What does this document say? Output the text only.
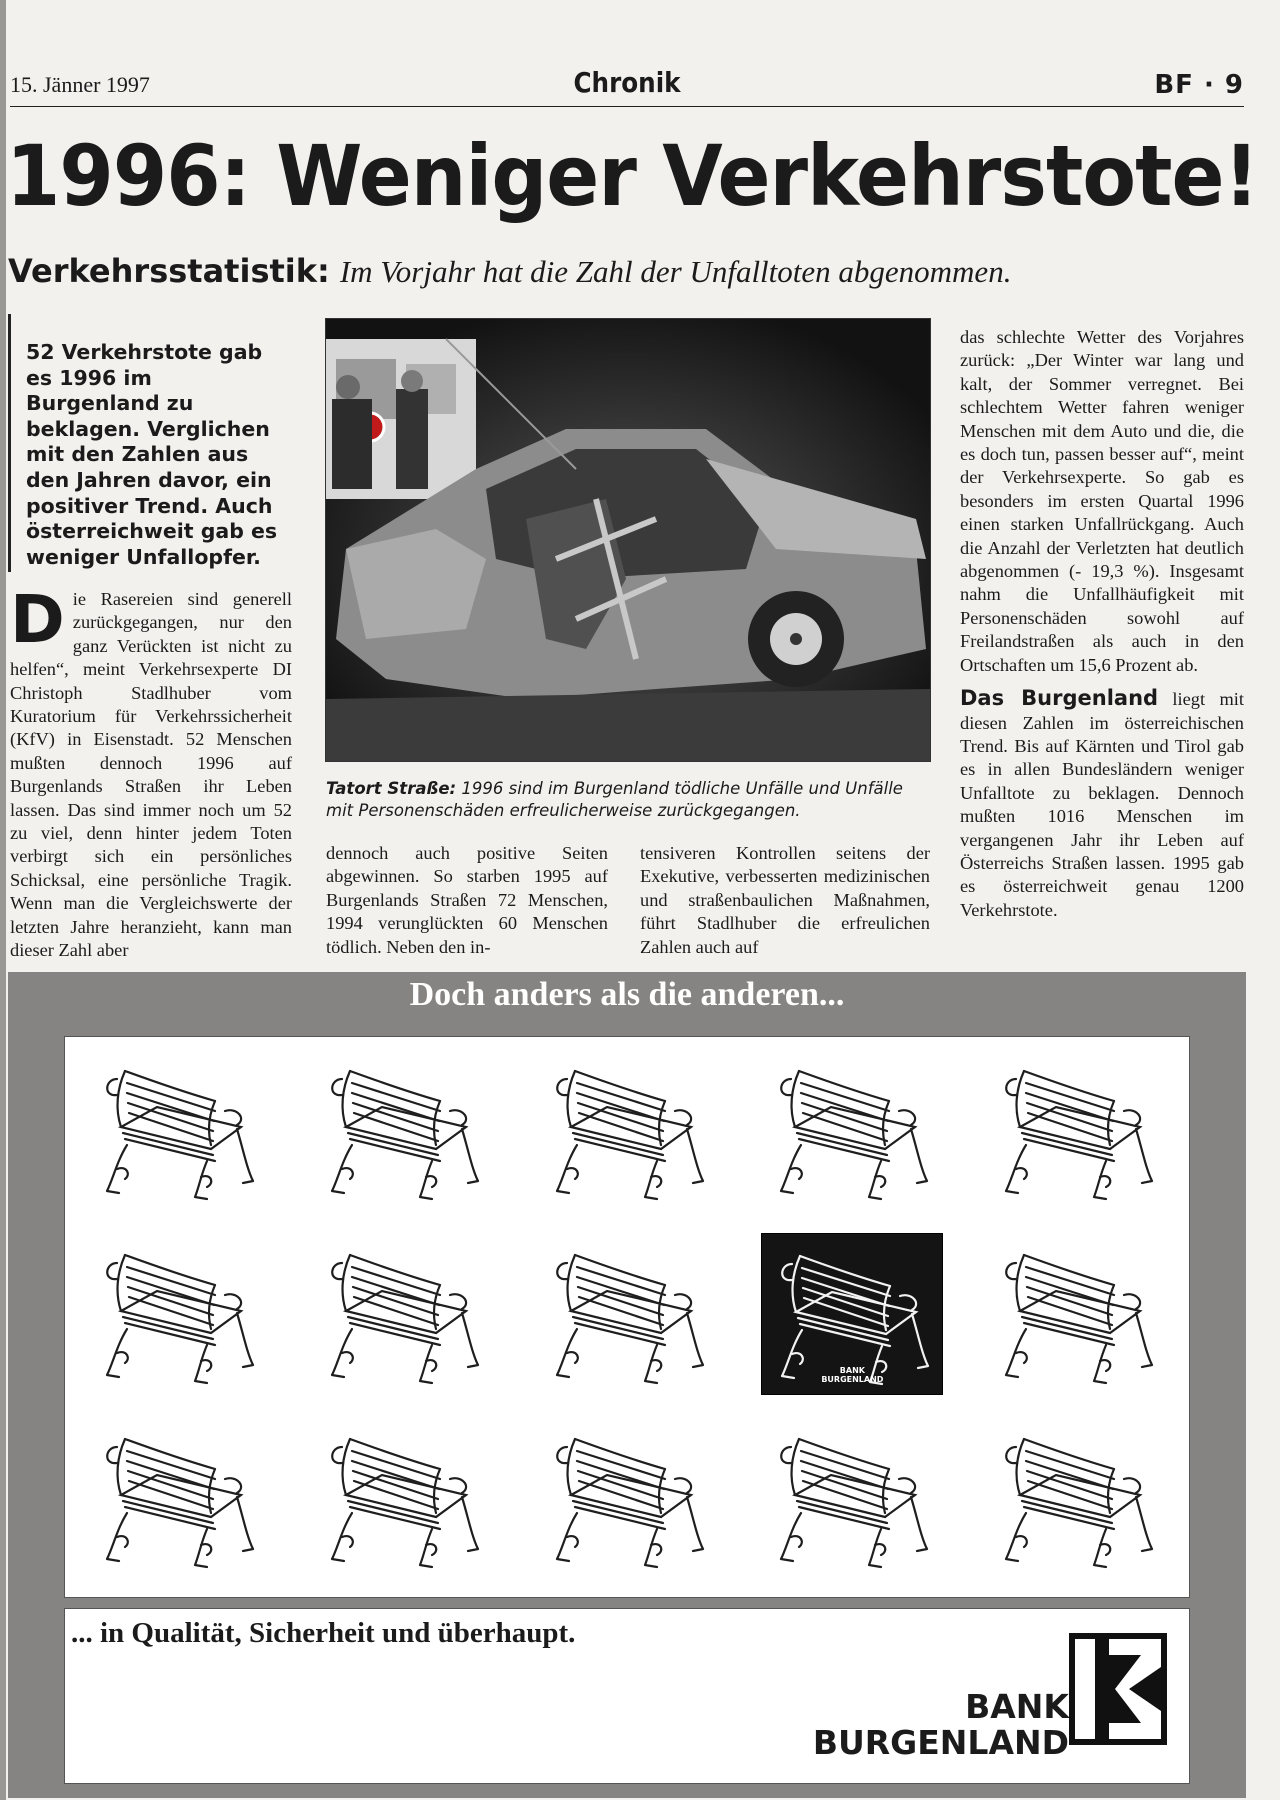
15. Jänner 1997	Chronik	BF · 9
1996: Weniger Verkehrstote!
Verkehrsstatistik: Im Vorjahr hat die Zahl der Unfalltoten abgenommen.

52 Verkehrstote gab es 1996 im Burgenland zu beklagen. Verglichen mit den Zahlen aus den Jahren davor, ein positiver Trend. Auch österreichweit gab es weniger Unfallopfer.

Die Rasereien sind generell zurückgegangen, nur den ganz Verückten ist nicht zu helfen“, meint Verkehrsexperte DI Christoph Stadlhuber vom Kuratorium für Verkehrssicherheit (KfV) in Eisenstadt. 52 Menschen mußten dennoch 1996 auf Burgenlands Straßen ihr Leben lassen. Das sind immer noch um 52 zu viel, denn hinter jedem Toten verbirgt sich ein persönliches Schicksal, eine persönliche Tragik. Wenn man die Vergleichswerte der letzten Jahre heranzieht, kann man dieser Zahl aber

Tatort Straße: 1996 sind im Burgenland tödliche Unfälle und Unfälle mit Personenschäden erfreulicherweise zurückgegangen.

dennoch auch positive Seiten abgewinnen. So starben 1995 auf Burgenlands Straßen 72 Menschen, 1994 verunglückten 60 Menschen tödlich. Neben den in-

tensiveren Kontrollen seitens der Exekutive, verbesserten medizinischen und straßenbaulichen Maßnahmen, führt Stadlhuber die erfreulichen Zahlen auch auf

das schlechte Wetter des Vorjahres zurück: „Der Winter war lang und kalt, der Sommer verregnet. Bei schlechtem Wetter fahren weniger Menschen mit dem Auto und die, die es doch tun, passen besser auf“, meint der Verkehrsexperte. So gab es besonders im ersten Quartal 1996 einen starken Unfallrückgang. Auch die Anzahl der Verletzten hat deutlich abgenommen (- 19,3 %). Insgesamt nahm die Unfallhäufigkeit mit Personenschäden sowohl auf Freilandstraßen als auch in den Ortschaften um 15,6 Prozent ab.

Das Burgenland liegt mit diesen Zahlen im österreichischen Trend. Bis auf Kärnten und Tirol gab es in allen Bundesländern weniger Unfalltote zu beklagen. Dennoch mußten 1016 Menschen im vergangenen Jahr ihr Leben auf Österreichs Straßen lassen. 1995 gab es österreichweit genau 1200 Verkehrstote.

Doch anders als die anderen...
BANK
BURGENLAND
... in Qualität, Sicherheit und überhaupt.
BANK
BURGENLAND
